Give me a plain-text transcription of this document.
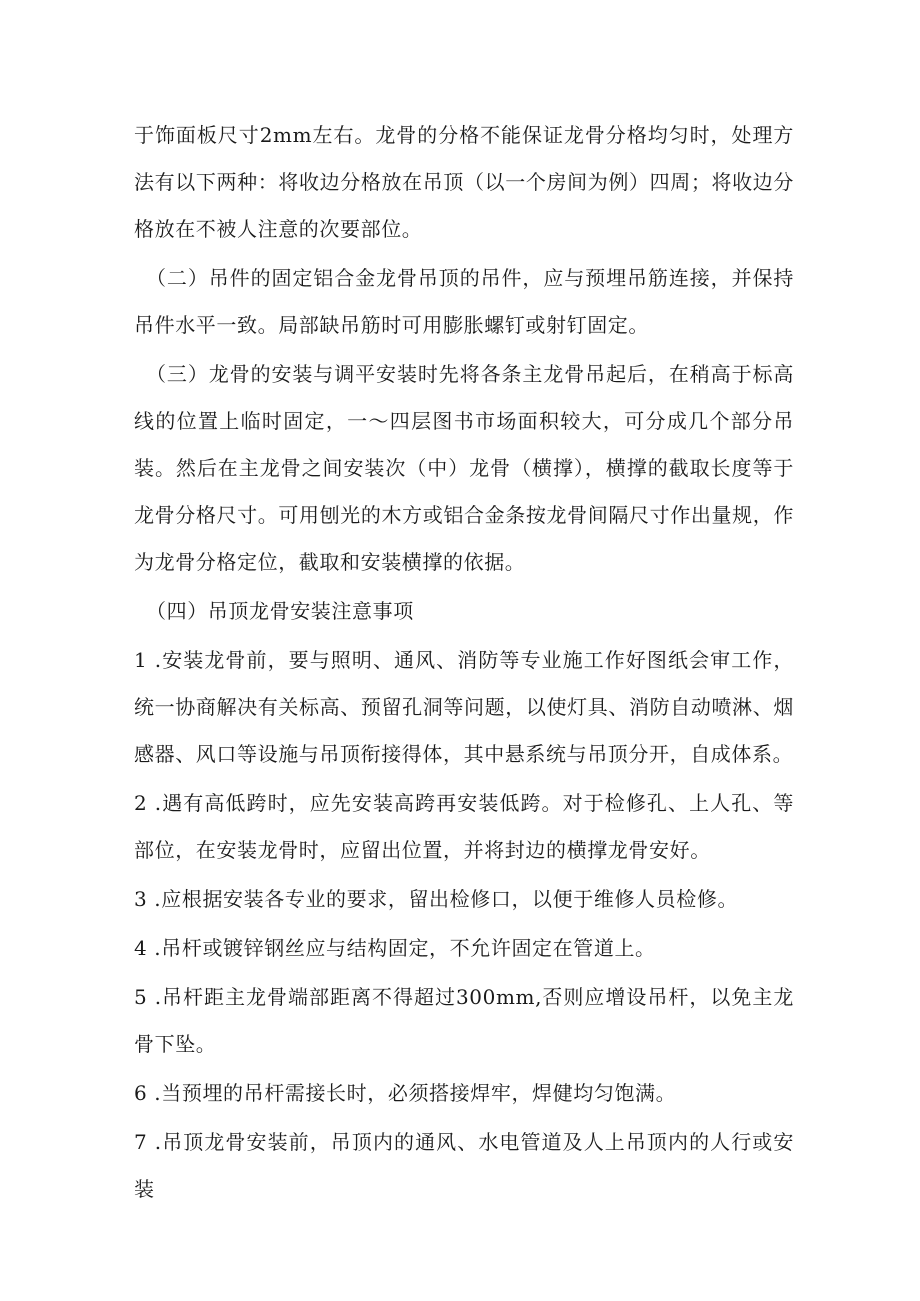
于饰面板尺寸2mm左右。龙骨的分格不能保证龙骨分格均匀时，处理方法有以下两种：将收边分格放在吊顶（以一个房间为例）四周；将收边分格放在不被人注意的次要部位。

（二）吊件的固定铝合金龙骨吊顶的吊件，应与预埋吊筋连接，并保持吊件水平一致。局部缺吊筋时可用膨胀螺钉或射钉固定。

（三）龙骨的安装与调平安装时先将各条主龙骨吊起后，在稍高于标高线的位置上临时固定，一～四层图书市场面积较大，可分成几个部分吊装。然后在主龙骨之间安装次（中）龙骨（横撑），横撑的截取长度等于龙骨分格尺寸。可用刨光的木方或铝合金条按龙骨间隔尺寸作出量规，作为龙骨分格定位，截取和安装横撑的依据。

（四）吊顶龙骨安装注意事项

1 .安装龙骨前，要与照明、通风、消防等专业施工作好图纸会审工作，统一协商解决有关标高、预留孔洞等问题，以使灯具、消防自动喷淋、烟感器、风口等设施与吊顶衔接得体，其中悬系统与吊顶分开，自成体系。

2 .遇有高低跨时，应先安装高跨再安装低跨。对于检修孔、上人孔、等部位，在安装龙骨时，应留出位置，并将封边的横撑龙骨安好。

3 .应根据安装各专业的要求，留出检修口，以便于维修人员检修。

4 .吊杆或镀锌钢丝应与结构固定，不允许固定在管道上。

5 .吊杆距主龙骨端部距离不得超过300mm,否则应增设吊杆，以免主龙骨下坠。

6 .当预埋的吊杆需接长时，必须搭接焊牢，焊健均匀饱满。

7 .吊顶龙骨安装前，吊顶内的通风、水电管道及人上吊顶内的人行或安装
